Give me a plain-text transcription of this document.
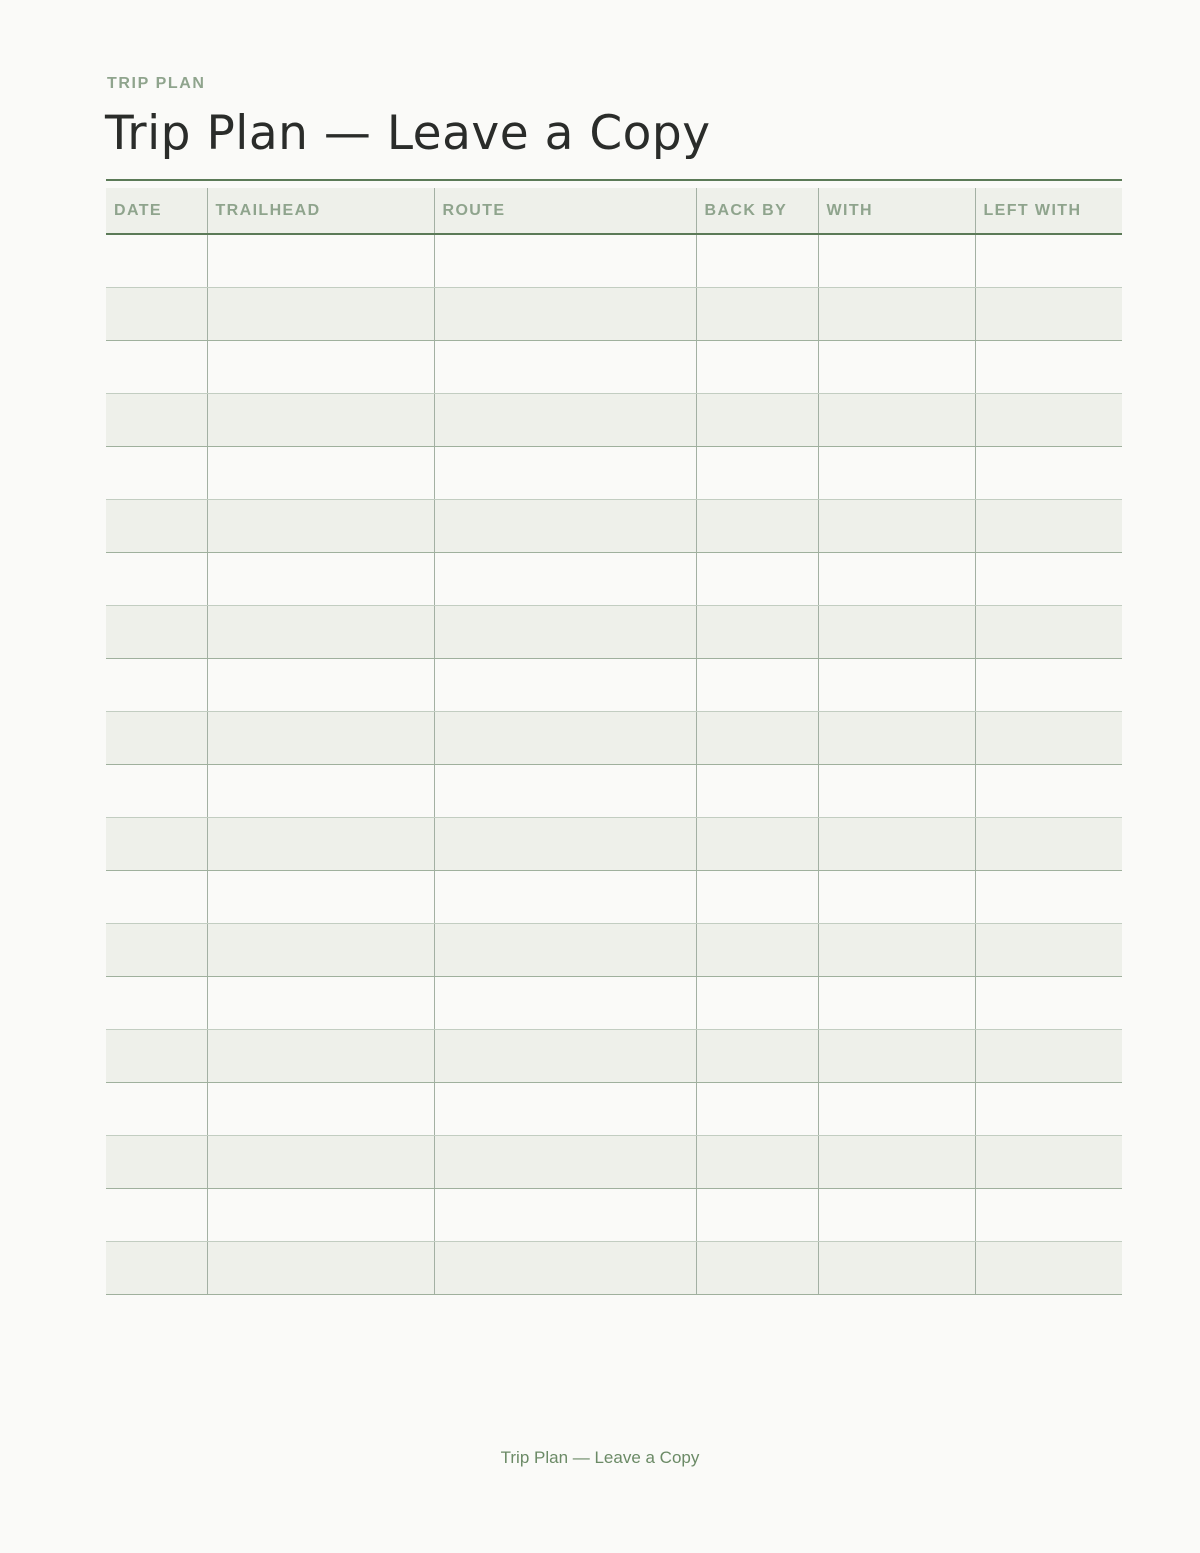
TRIP PLAN
Trip Plan — Leave a Copy
DATE	TRAILHEAD	ROUTE	BACK BY	WITH	LEFT WITH

Trip Plan — Leave a Copy
